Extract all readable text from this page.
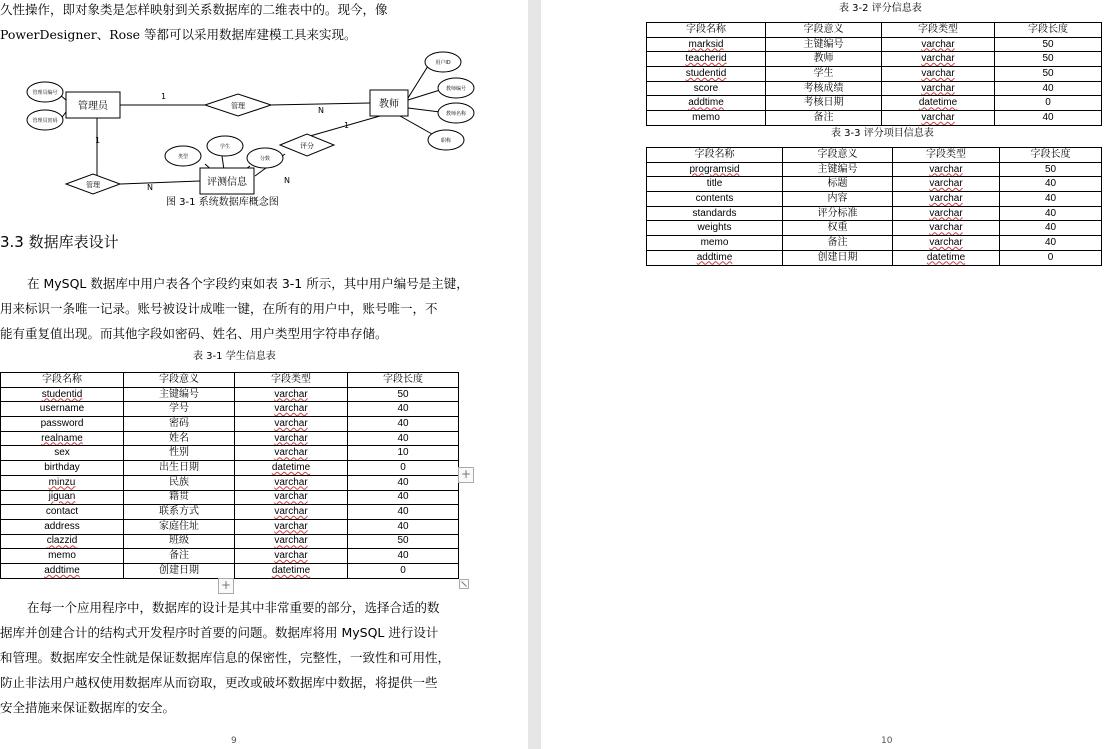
久性操作，即对象类是怎样映射到关系数据库的二维表中的。现今，像
PowerDesigner、Rose 等都可以采用数据库建模工具来实现。
管理员	教师
评测信息
管理
管理
评分
管理员编号
管理员密码
用户ID
教师编号
教师名称
职称
类型
学生
分数
1
N
1
N
1
N
图 3-1 系统数据库概念图
3.3 数据库表设计
在 MySQL 数据库中用户表各个字段约束如表 3-1 所示，其中用户编号是主键，
用来标识一条唯一记录。账号被设计成唯一键，在所有的用户中，账号唯一，不
能有重复值出现。而其他字段如密码、姓名、用户类型用字符串存储。
表 3-1 学生信息表
字段名称	字段意义	字段类型	字段长度
studentid	主键编号	varchar	50
username	学号	varchar	40
password	密码	varchar	40
realname	姓名	varchar	40
sex	性别	varchar	10
birthday	出生日期	datetime	0
minzu	民族	varchar	40
jiguan	籍贯	varchar	40
contact	联系方式	varchar	40
address	家庭住址	varchar	40
clazzid	班级	varchar	50
memo	备注	varchar	40
addtime	创建日期	datetime	0
+
+
在每一个应用程序中，数据库的设计是其中非常重要的部分，选择合适的数
据库并创建合计的结构式开发程序时首要的问题。数据库将用 MySQL 进行设计
和管理。数据库安全性就是保证数据库信息的保密性，完整性，一致性和可用性，
防止非法用户越权使用数据库从而窃取，更改或破坏数据库中数据，将提供一些
安全措施来保证数据库的安全。
9
表 3-2 评分信息表
字段名称	字段意义	字段类型	字段长度
marksid	主键编号	varchar	50
teacherid	教师	varchar	50
studentid	学生	varchar	50
score	考核成绩	varchar	40
addtime	考核日期	datetime	0
memo	备注	varchar	40
表 3-3 评分项目信息表
字段名称	字段意义	字段类型	字段长度
programsid	主键编号	varchar	50
title	标题	varchar	40
contents	内容	varchar	40
standards	评分标准	varchar	40
weights	权重	varchar	40
memo	备注	varchar	40
addtime	创建日期	datetime	0
10
